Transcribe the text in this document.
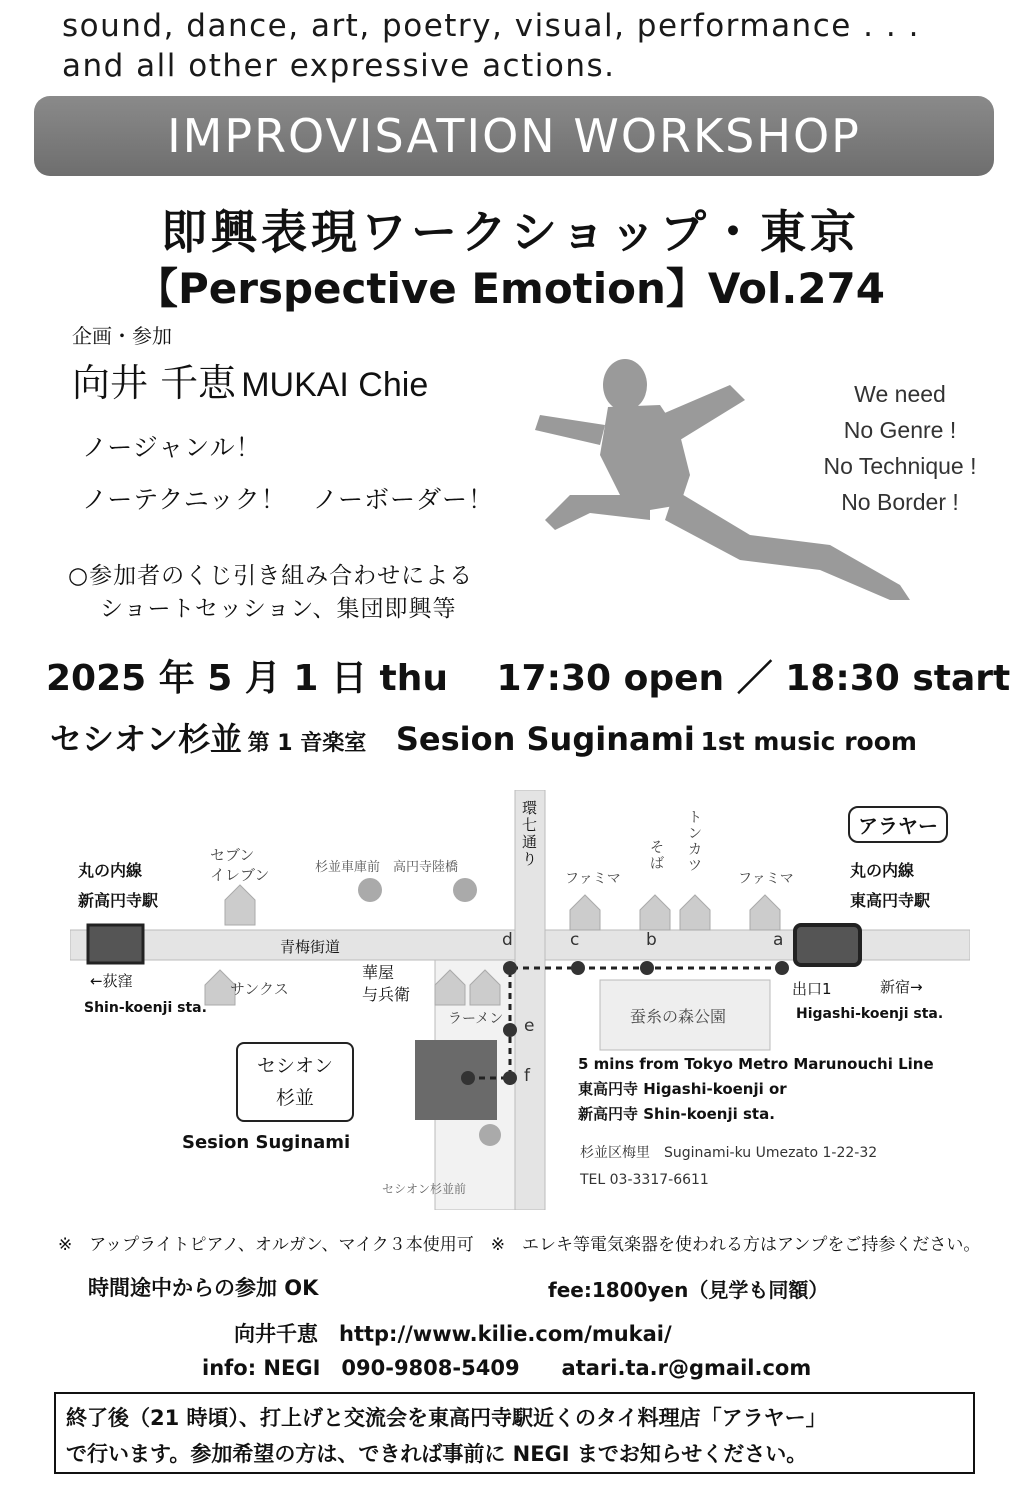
sound, dance, art, poetry, visual, performance . . .
and all other expressive actions.
IMPROVISATION WORKSHOP
即興表現ワークショップ・東京
【Perspective Emotion】Vol.274
企画・参加
向井 千恵 MUKAI Chie
ノージャンル！
ノーテクニック！　ノーボーダー！
○参加者のくじ引き組み合わせによる
ショートセッション、集団即興等
We need
No Genre !
No Technique !
No Border !
2025 年 5 月 1 日 thu　 17:30 open ／ 18:30 start
セシオン杉並 第 1 音楽室 Sesion Suginami 1st music room
丸の内線
新高円寺駅
Shin-koenji sta.
←荻窪
アラヤー
丸の内線
東高円寺駅
Higashi-koenji sta.
新宿→
出口1
青梅街道
環七通り
セブン
イレブン	杉並車庫前　高円寺陸橋
ファミマ	ファミマ
そば
トンカツ
サンクス
華屋
与兵衛
ラーメン	蚕糸の森公園
セシオン
杉並
Sesion Suginami
セシオン杉並前
a
b
c
d
e
f
5 mins from Tokyo Metro Marunouchi Line
東高円寺 Higashi-koenji or
新高円寺 Shin-koenji sta.
杉並区梅里　Suginami-ku Umezato 1-22-32
TEL 03-3317-6611
※　アップライトピアノ、オルガン、マイク３本使用可　※　エレキ等電気楽器を使われる方はアンプをご持参ください。
時間途中からの参加 OK	fee:1800yen（見学も同額）
向井千恵　http://www.kilie.com/mukai/
info: NEGI　090-9808-5409　　atari.ta.r@gmail.com
終了後（21 時頃）、打上げと交流会を東高円寺駅近くのタイ料理店「アラヤー」
で行います。参加希望の方は、できれば事前に NEGI までお知らせください。
